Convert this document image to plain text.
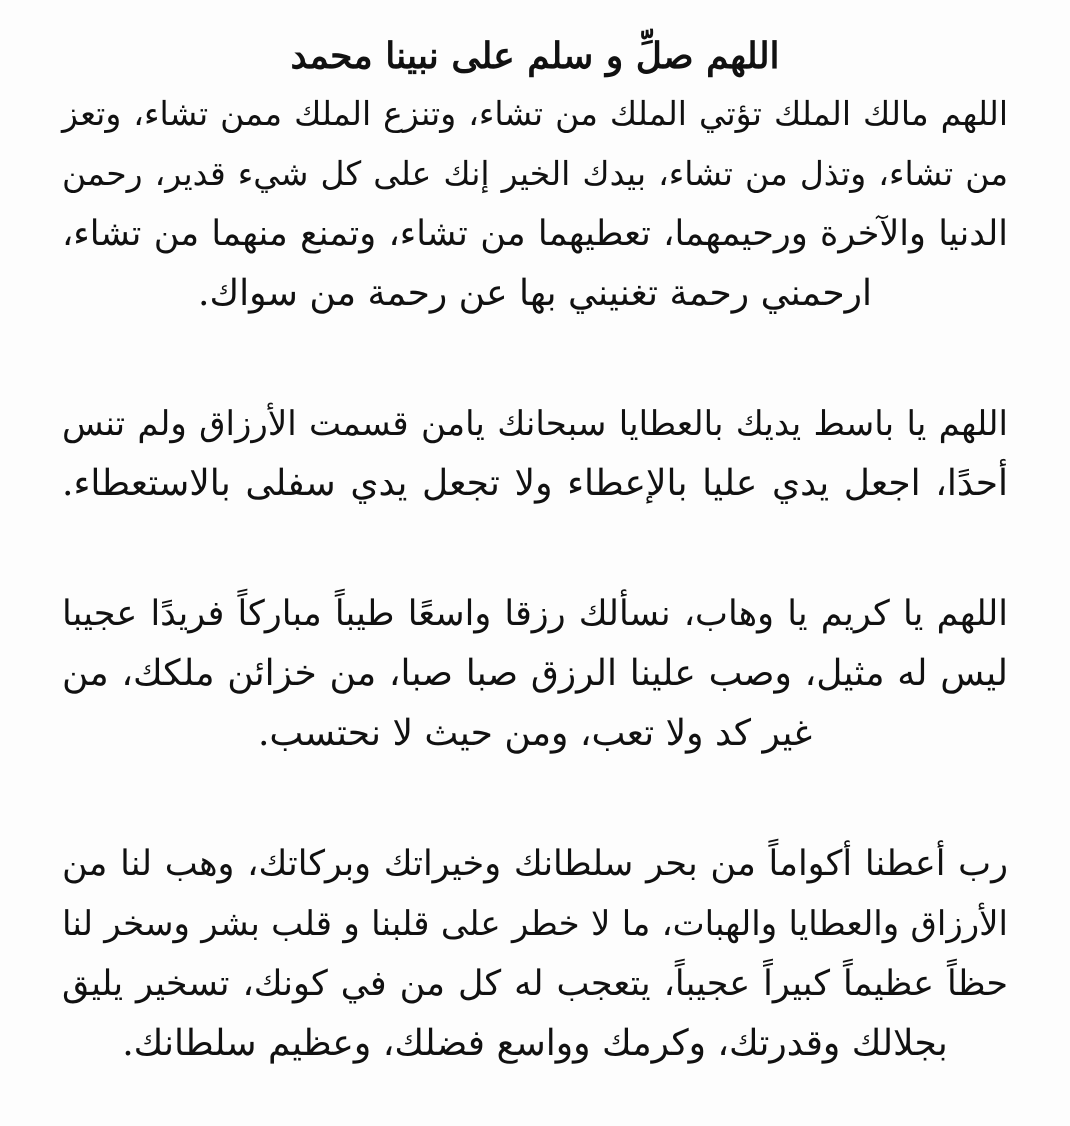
اللهم صلِّ و سلم على نبينا محمد
اللهم مالك الملك تؤتي الملك من تشاء، وتنزع الملك ممن تشاء، وتعز
من تشاء، وتذل من تشاء، بيدك الخير إنك على كل شيء قدير، رحمن
الدنيا والآخرة ورحيمهما، تعطيهما من تشاء، وتمنع منهما من تشاء،
ارحمني رحمة تغنيني بها عن رحمة من سواك.
اللهم يا باسط يديك بالعطايا سبحانك يامن قسمت الأرزاق ولم تنس
أحدًا، اجعل يدي عليا بالإعطاء ولا تجعل يدي سفلى بالاستعطاء.
اللهم يا كريم يا وهاب، نسألك رزقا واسعًا طيباً مباركاً فريدًا عجيبا
ليس له مثيل، وصب علينا الرزق صبا صبا، من خزائن ملكك، من
غير كد ولا تعب، ومن حيث لا نحتسب.
رب أعطنا أكواماً من بحر سلطانك وخيراتك وبركاتك، وهب لنا من
الأرزاق والعطايا والهبات، ما لا خطر على قلبنا و قلب بشر وسخر لنا
حظاً عظيماً كبيراً عجيباً، يتعجب له كل من في كونك، تسخير يليق
بجلالك وقدرتك، وكرمك وواسع فضلك، وعظيم سلطانك.
